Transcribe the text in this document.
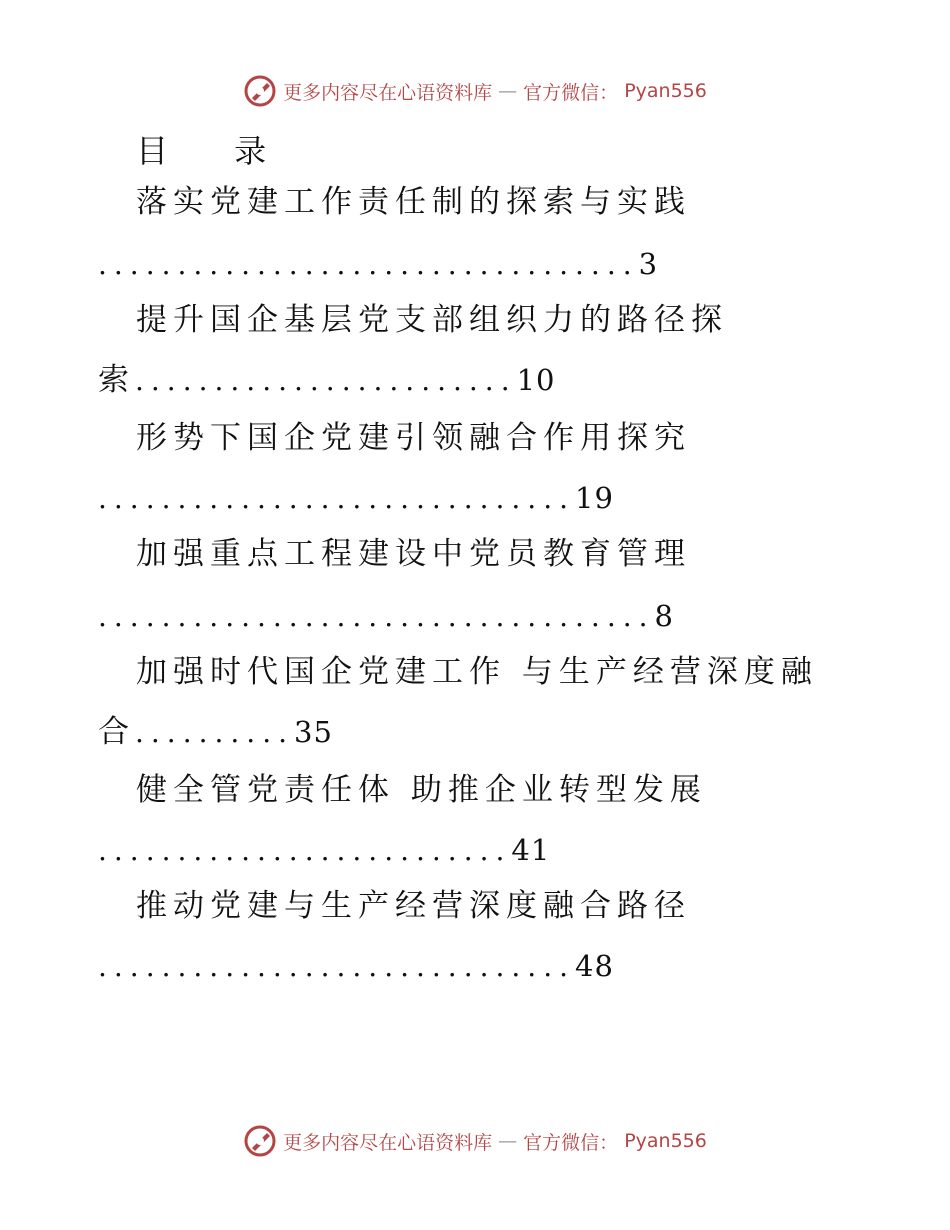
更多内容尽在心语资料库 — 官方微信： Pyan556
目 录
落实党建工作责任制的探索与实践
..................................3
提升国企基层党支部组织力的路径探
索........................10
形势下国企党建引领融合作用探究
..............................19
加强重点工程建设中党员教育管理
...................................8
加强时代国企党建工作 与生产经营深度融
合..........35
健全管党责任体 助推企业转型发展
..........................41
推动党建与生产经营深度融合路径
..............................48
更多内容尽在心语资料库 — 官方微信： Pyan556
